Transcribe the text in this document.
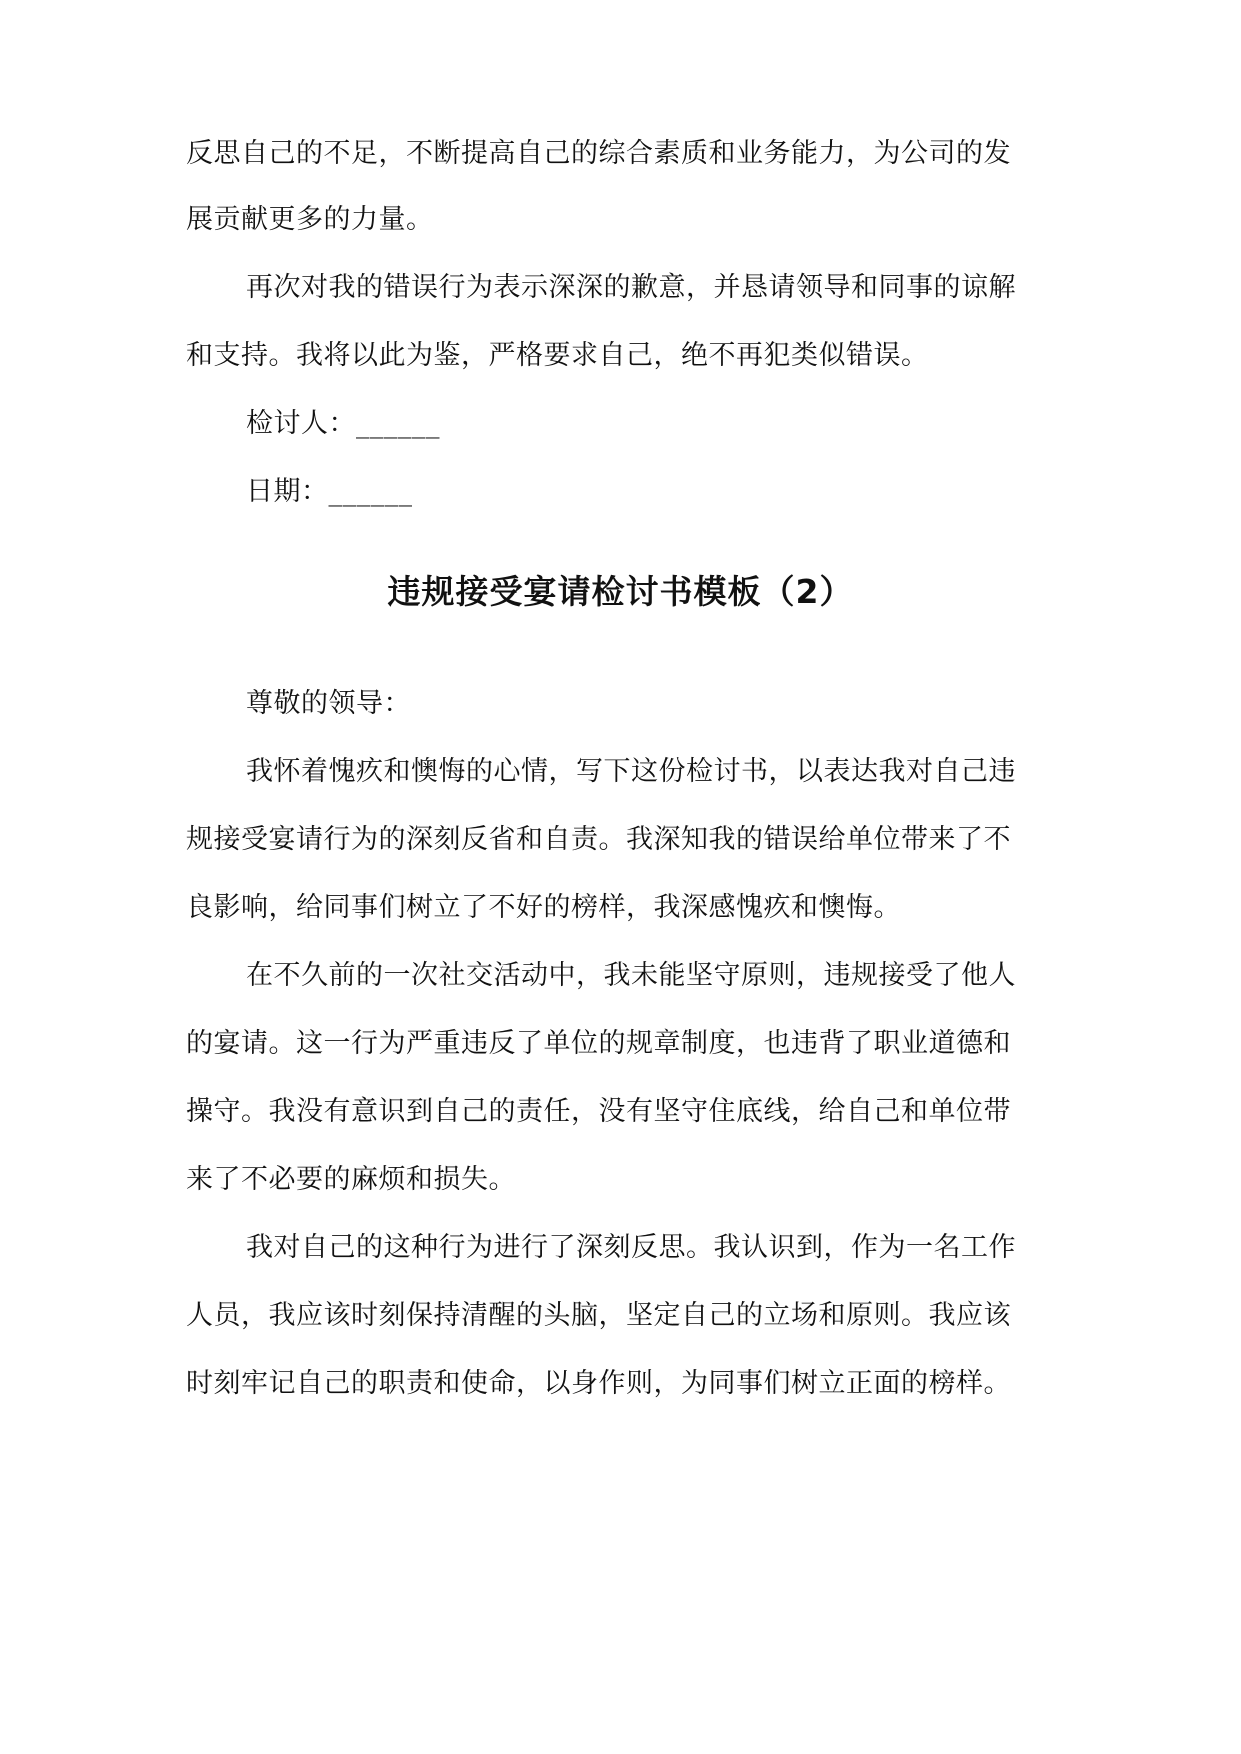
反思自己的不足，不断提高自己的综合素质和业务能力，为公司的发
展贡献更多的力量。
再次对我的错误行为表示深深的歉意，并恳请领导和同事的谅解
和支持。我将以此为鉴，严格要求自己，绝不再犯类似错误。
检讨人：______
日期：______
违规接受宴请检讨书模板（2）
尊敬的领导：
我怀着愧疚和懊悔的心情，写下这份检讨书，以表达我对自己违
规接受宴请行为的深刻反省和自责。我深知我的错误给单位带来了不
良影响，给同事们树立了不好的榜样，我深感愧疚和懊悔。
在不久前的一次社交活动中，我未能坚守原则，违规接受了他人
的宴请。这一行为严重违反了单位的规章制度，也违背了职业道德和
操守。我没有意识到自己的责任，没有坚守住底线，给自己和单位带
来了不必要的麻烦和损失。
我对自己的这种行为进行了深刻反思。我认识到，作为一名工作
人员，我应该时刻保持清醒的头脑，坚定自己的立场和原则。我应该
时刻牢记自己的职责和使命，以身作则，为同事们树立正面的榜样。
